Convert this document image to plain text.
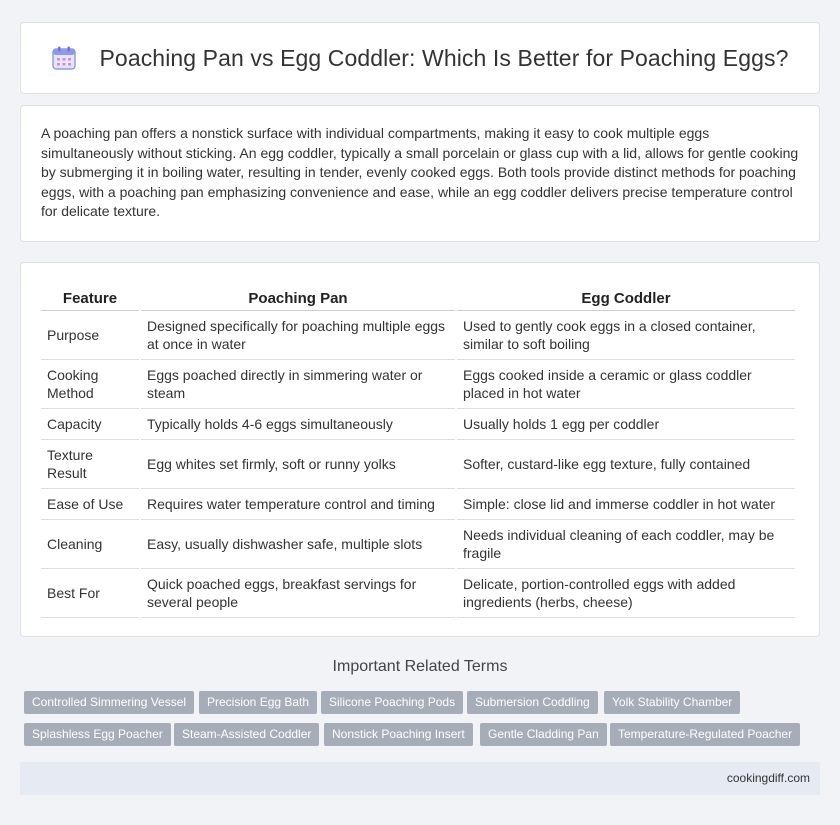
Poaching Pan vs Egg Coddler: Which Is Better for Poaching Eggs?

A poaching pan offers a nonstick surface with individual compartments, making it easy to cook multiple eggs simultaneously without sticking. An egg coddler, typically a small porcelain or glass cup with a lid, allows for gentle cooking by submerging it in boiling water, resulting in tender, evenly cooked eggs. Both tools provide distinct methods for poaching eggs, with a poaching pan emphasizing convenience and ease, while an egg coddler delivers precise temperature control for delicate texture.

Feature	Poaching Pan	Egg Coddler
Purpose	Designed specifically for poaching multiple eggs at once in water	Used to gently cook eggs in a closed container, similar to soft boiling
Cooking Method	Eggs poached directly in simmering water or steam	Eggs cooked inside a ceramic or glass coddler placed in hot water
Capacity	Typically holds 4-6 eggs simultaneously	Usually holds 1 egg per coddler
Texture Result	Egg whites set firmly, soft or runny yolks	Softer, custard-like egg texture, fully contained
Ease of Use	Requires water temperature control and timing	Simple: close lid and immerse coddler in hot water
Cleaning	Easy, usually dishwasher safe, multiple slots	Needs individual cleaning of each coddler, may be fragile
Best For	Quick poached eggs, breakfast servings for several people	Delicate, portion-controlled eggs with added ingredients (herbs, cheese)
Important Related Terms
Controlled Simmering Vessel	Precision Egg Bath	Silicone Poaching Pods	Submersion Coddling	Yolk Stability Chamber
Splashless Egg Poacher	Steam-Assisted Coddler	Nonstick Poaching Insert	Gentle Cladding Pan	Temperature-Regulated Poacher
cookingdiff.com
